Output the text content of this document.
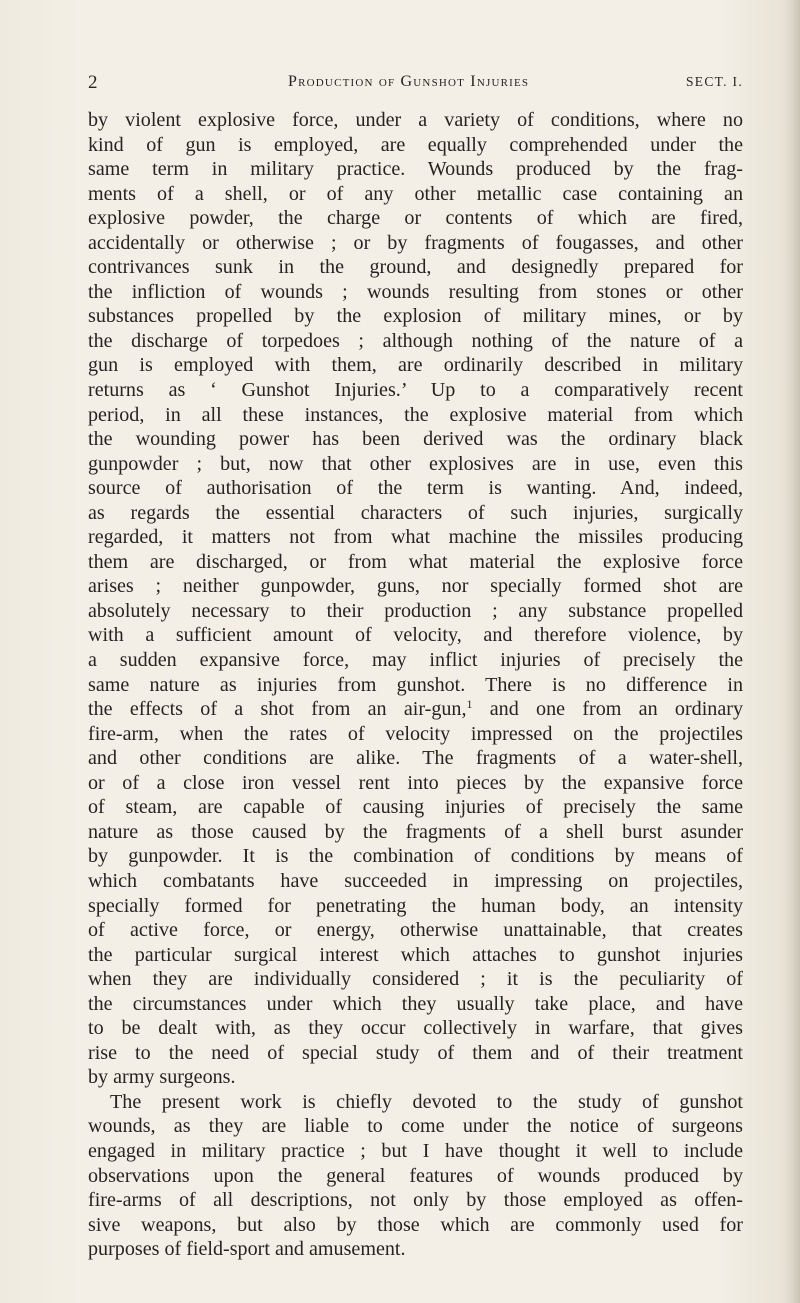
2	Production of Gunshot Injuries	SECT. I.
by violent explosive force, under a variety of conditions, where no
kind of gun is employed, are equally comprehended under the
same term in military practice. Wounds produced by the frag-
ments of a shell, or of any other metallic case containing an
explosive powder, the charge or contents of which are fired,
accidentally or otherwise ; or by fragments of fougasses, and other
contrivances sunk in the ground, and designedly prepared for
the infliction of wounds ; wounds resulting from stones or other
substances propelled by the explosion of military mines, or by
the discharge of torpedoes ; although nothing of the nature of a
gun is employed with them, are ordinarily described in military
returns as ‘ Gunshot Injuries.’ Up to a comparatively recent
period, in all these instances, the explosive material from which
the wounding power has been derived was the ordinary black
gunpowder ; but, now that other explosives are in use, even this
source of authorisation of the term is wanting. And, indeed,
as regards the essential characters of such injuries, surgically
regarded, it matters not from what machine the missiles producing
them are discharged, or from what material the explosive force
arises ; neither gunpowder, guns, nor specially formed shot are
absolutely necessary to their production ; any substance propelled
with a sufficient amount of velocity, and therefore violence, by
a sudden expansive force, may inflict injuries of precisely the
same nature as injuries from gunshot. There is no difference in
the effects of a shot from an air-gun,$^1$ and one from an ordinary
fire-arm, when the rates of velocity impressed on the projectiles
and other conditions are alike. The fragments of a water-shell,
or of a close iron vessel rent into pieces by the expansive force
of steam, are capable of causing injuries of precisely the same
nature as those caused by the fragments of a shell burst asunder
by gunpowder. It is the combination of conditions by means of
which combatants have succeeded in impressing on projectiles,
specially formed for penetrating the human body, an intensity
of active force, or energy, otherwise unattainable, that creates
the particular surgical interest which attaches to gunshot injuries
when they are individually considered ; it is the peculiarity of
the circumstances under which they usually take place, and have
to be dealt with, as they occur collectively in warfare, that gives
rise to the need of special study of them and of their treatment
by army surgeons.
The present work is chiefly devoted to the study of gunshot
wounds, as they are liable to come under the notice of surgeons
engaged in military practice ; but I have thought it well to include
observations upon the general features of wounds produced by
fire-arms of all descriptions, not only by those employed as offen-
sive weapons, but also by those which are commonly used for
purposes of field-sport and amusement.
